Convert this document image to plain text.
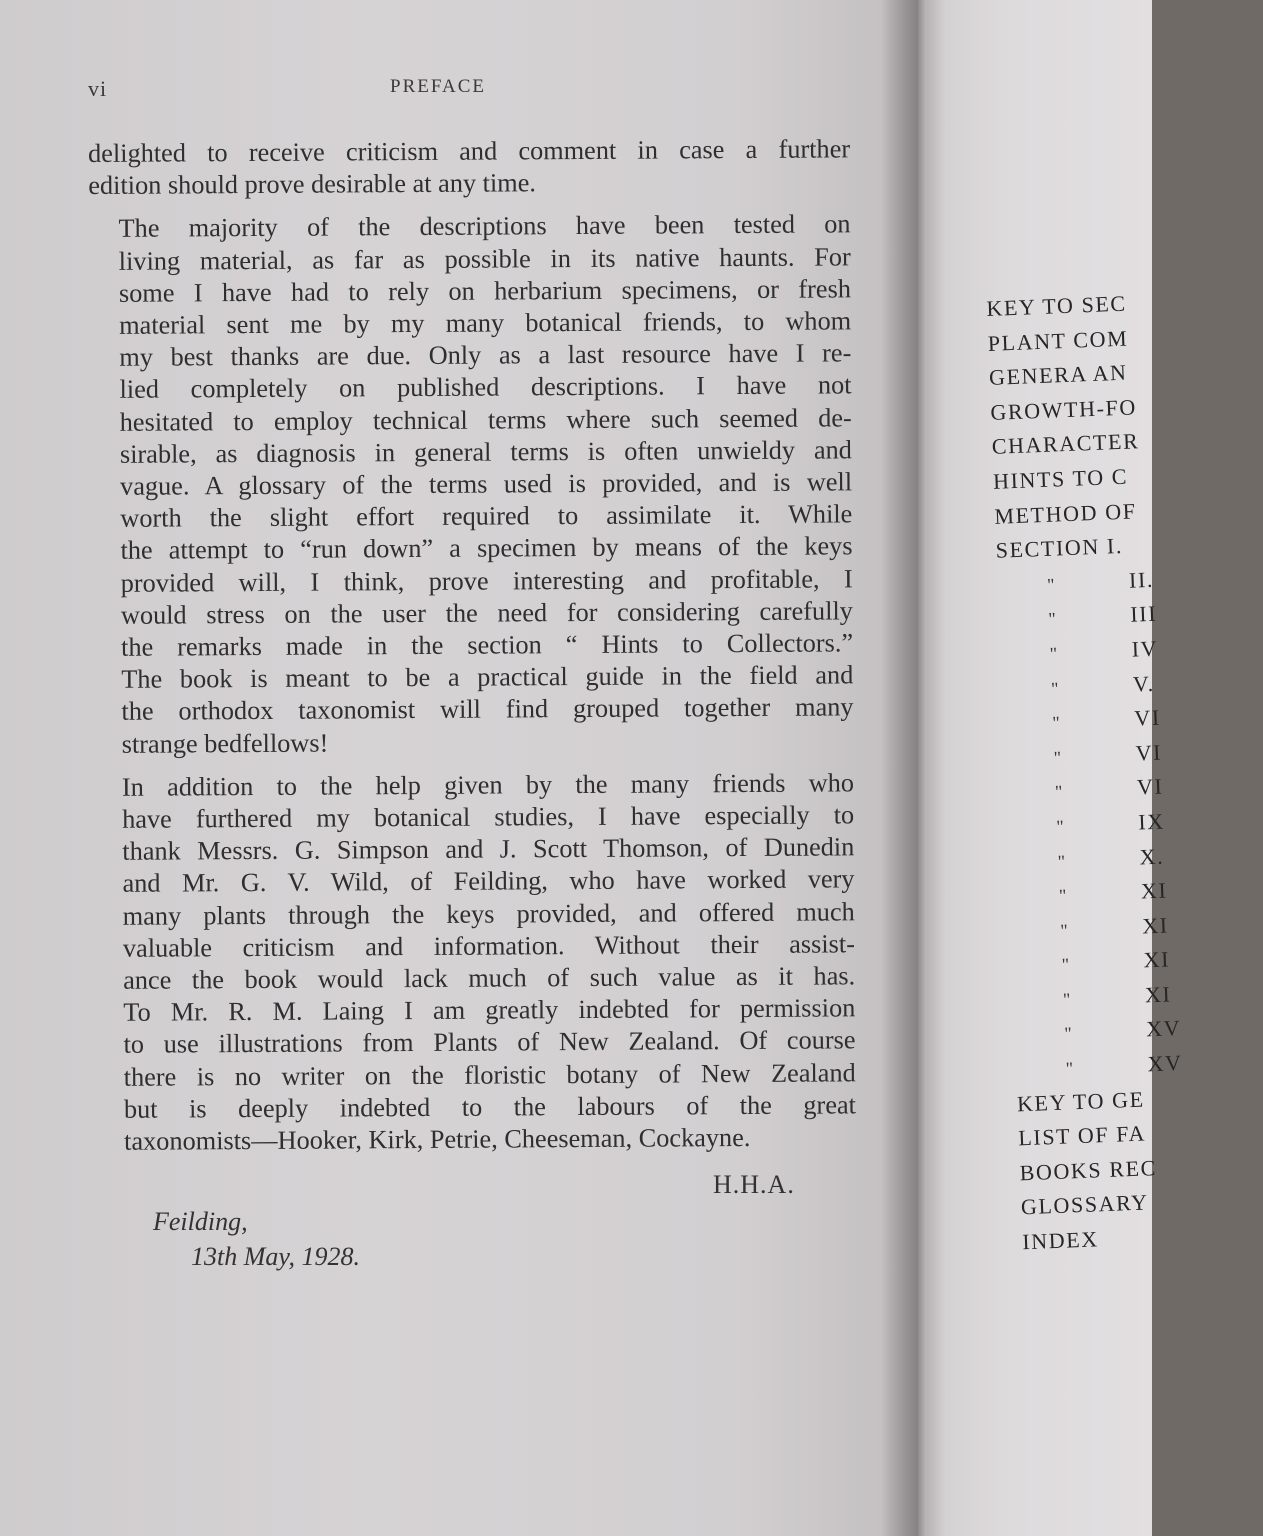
vi	PREFACE

delighted to receive criticism and comment in case a further
edition should prove desirable at any time.

The majority of the descriptions have been tested on
living material, as far as possible in its native haunts. For
some I have had to rely on herbarium specimens, or fresh
material sent me by my many botanical friends, to whom
my best thanks are due. Only as a last resource have I re-
lied completely on published descriptions. I have not
hesitated to employ technical terms where such seemed de-
sirable, as diagnosis in general terms is often unwieldy and
vague. A glossary of the terms used is provided, and is well
worth the slight effort required to assimilate it. While
the attempt to “run down” a specimen by means of the keys
provided will, I think, prove interesting and profitable, I
would stress on the user the need for considering carefully
the remarks made in the section “ Hints to Collectors.”
The book is meant to be a practical guide in the field and
the orthodox taxonomist will find grouped together many
strange bedfellows!

In addition to the help given by the many friends who
have furthered my botanical studies, I have especially to
thank Messrs. G. Simpson and J. Scott Thomson, of Dunedin
and Mr. G. V. Wild, of Feilding, who have worked very
many plants through the keys provided, and offered much
valuable criticism and information. Without their assist-
ance the book would lack much of such value as it has.
To Mr. R. M. Laing I am greatly indebted for permission
to use illustrations from Plants of New Zealand. Of course
there is no writer on the floristic botany of New Zealand
but is deeply indebted to the labours of the great
taxonomists—Hooker, Kirk, Petrie, Cheeseman, Cockayne.

H.H.A.
Feilding,
13th May, 1928.
KEY TO SEC
PLANT COM
GENERA AN
GROWTH-FO
CHARACTER
HINTS TO C
METHOD OF
SECTION I.
"	II.
"	III
"	IV
"	V.
"	VI
"	VI
"	VI
"	IX
"	X.
"	XI
"	XI
"	XI
"	XI
"	XV
"	XV
KEY TO GE
LIST OF FA
BOOKS REC
GLOSSARY
INDEX
